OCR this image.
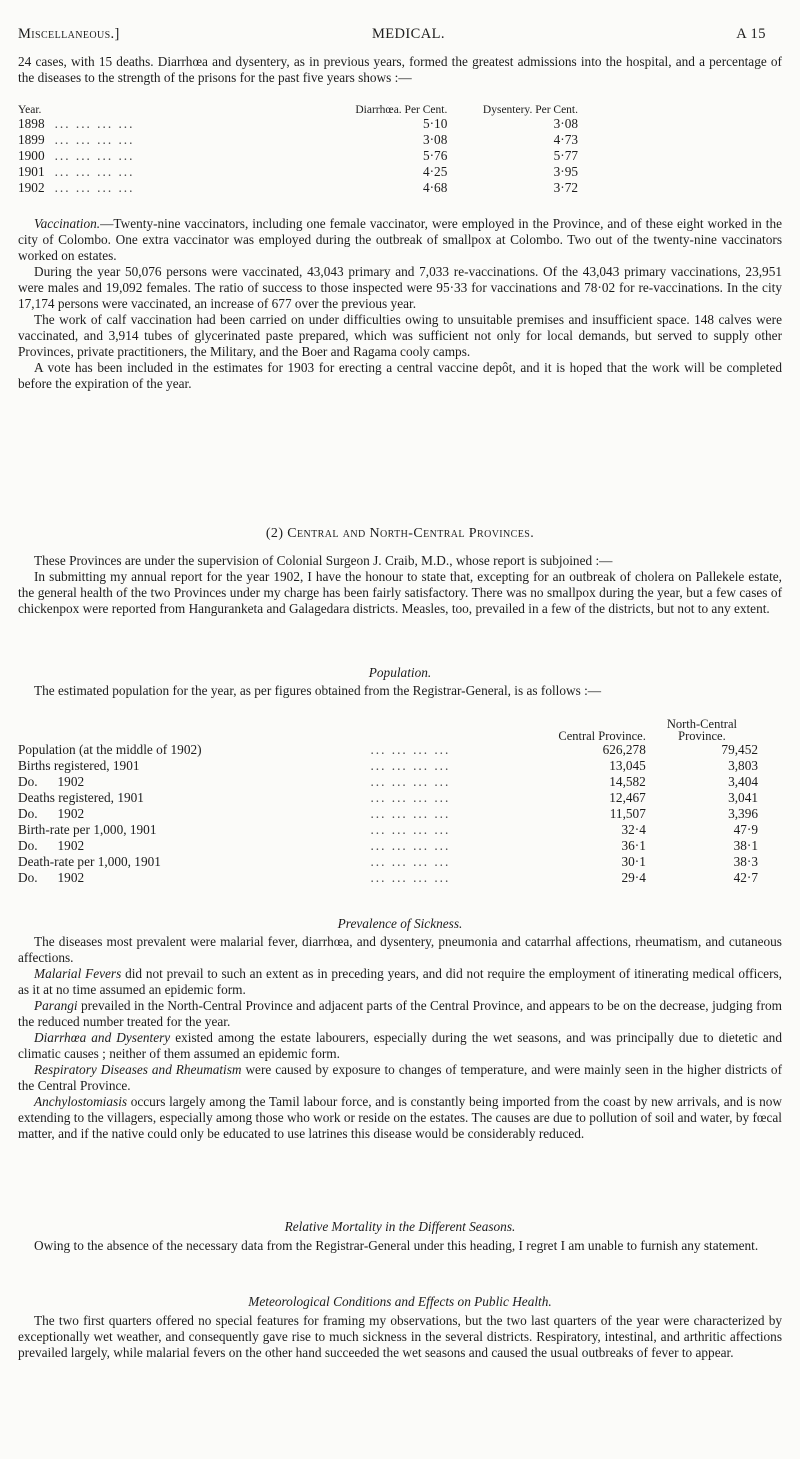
Miscellaneous.]	MEDICAL.	A 15

24 cases, with 15 deaths. Diarrhœa and dysentery, as in previous years, formed the greatest admissions into the hospital, and a percentage of the diseases to the strength of the prisons for the past five years shows :—

Year.	Diarrhœa. Per Cent.	Dysentery. Per Cent.
1898 ... ... ... ...	5·10	3·08
1899 ... ... ... ...	3·08	4·73
1900 ... ... ... ...	5·76	5·77
1901 ... ... ... ...	4·25	3·95
1902 ... ... ... ...	4·68	3·72

Vaccination.—Twenty-nine vaccinators, including one female vaccinator, were employed in the Province, and of these eight worked in the city of Colombo. One extra vaccinator was employed during the outbreak of smallpox at Colombo. Two out of the twenty-nine vaccinators worked on estates.

During the year 50,076 persons were vaccinated, 43,043 primary and 7,033 re-vaccinations. Of the 43,043 primary vaccinations, 23,951 were males and 19,092 females. The ratio of success to those inspected were 95·33 for vaccinations and 78·02 for re-vaccinations. In the city 17,174 persons were vaccinated, an increase of 677 over the previous year.

The work of calf vaccination had been carried on under difficulties owing to unsuitable premises and insufficient space. 148 calves were vaccinated, and 3,914 tubes of glycerinated paste prepared, which was sufficient not only for local demands, but served to supply other Provinces, private practitioners, the Military, and the Boer and Ragama cooly camps.

A vote has been included in the estimates for 1903 for erecting a central vaccine depôt, and it is hoped that the work will be completed before the expiration of the year.

(2) Central and North-Central Provinces.

These Provinces are under the supervision of Colonial Surgeon J. Craib, M.D., whose report is subjoined :—

In submitting my annual report for the year 1902, I have the honour to state that, excepting for an outbreak of cholera on Pallekele estate, the general health of the two Provinces under my charge has been fairly satisfactory. There was no smallpox during the year, but a few cases of chickenpox were reported from Hanguranketa and Galagedara districts. Measles, too, prevailed in a few of the districts, but not to any extent.

Population.

The estimated population for the year, as per figures obtained from the Registrar-General, is as follows :—

		Central Province.	North-Central Province.
Population (at the middle of 1902)	... ... ... ...	626,278	79,452
Births registered, 1901	... ... ... ...	13,045	3,803
Do.      1902	... ... ... ...	14,582	3,404
Deaths registered, 1901	... ... ... ...	12,467	3,041
Do.      1902	... ... ... ...	11,507	3,396
Birth-rate per 1,000, 1901	... ... ... ...	32·4	47·9
Do.      1902	... ... ... ...	36·1	38·1
Death-rate per 1,000, 1901	... ... ... ...	30·1	38·3
Do.      1902	... ... ... ...	29·4	42·7
Prevalence of Sickness.

The diseases most prevalent were malarial fever, diarrhœa, and dysentery, pneumonia and catarrhal affections, rheumatism, and cutaneous affections.

Malarial Fevers did not prevail to such an extent as in preceding years, and did not require the employment of itinerating medical officers, as it at no time assumed an epidemic form.

Parangi prevailed in the North-Central Province and adjacent parts of the Central Province, and appears to be on the decrease, judging from the reduced number treated for the year.

Diarrhœa and Dysentery existed among the estate labourers, especially during the wet seasons, and was principally due to dietetic and climatic causes ; neither of them assumed an epidemic form.

Respiratory Diseases and Rheumatism were caused by exposure to changes of temperature, and were mainly seen in the higher districts of the Central Province.

Anchylostomiasis occurs largely among the Tamil labour force, and is constantly being imported from the coast by new arrivals, and is now extending to the villagers, especially among those who work or reside on the estates. The causes are due to pollution of soil and water, by fœcal matter, and if the native could only be educated to use latrines this disease would be considerably reduced.

Relative Mortality in the Different Seasons.

Owing to the absence of the necessary data from the Registrar-General under this heading, I regret I am unable to furnish any statement.

Meteorological Conditions and Effects on Public Health.

The two first quarters offered no special features for framing my observations, but the two last quarters of the year were characterized by exceptionally wet weather, and consequently gave rise to much sickness in the several districts. Respiratory, intestinal, and arthritic affections prevailed largely, while malarial fevers on the other hand succeeded the wet seasons and caused the usual outbreaks of fever to appear.
